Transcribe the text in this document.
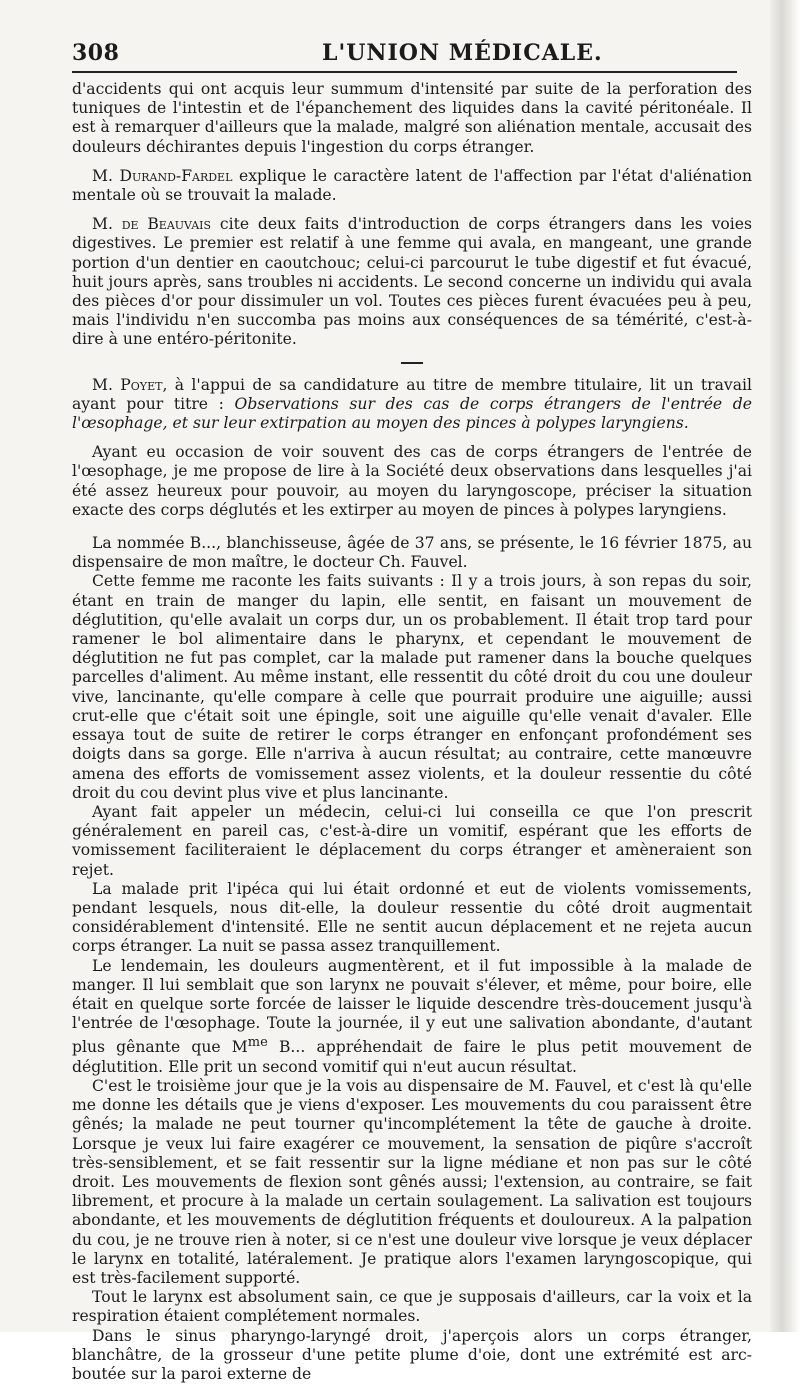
308	L'UNION MÉDICALE.

d'accidents qui ont acquis leur summum d'intensité par suite de la perforation des tuniques de l'intestin et de l'épanchement des liquides dans la cavité péritonéale. Il est à remarquer d'ailleurs que la malade, malgré son aliénation mentale, accusait des douleurs déchirantes depuis l'ingestion du corps étranger.

M. Durand-Fardel explique le caractère latent de l'affection par l'état d'aliénation mentale où se trouvait la malade.

M. de Beauvais cite deux faits d'introduction de corps étrangers dans les voies digestives. Le premier est relatif à une femme qui avala, en mangeant, une grande portion d'un dentier en caoutchouc; celui-ci parcourut le tube digestif et fut évacué, huit jours après, sans troubles ni accidents. Le second concerne un individu qui avala des pièces d'or pour dissimuler un vol. Toutes ces pièces furent évacuées peu à peu, mais l'individu n'en succomba pas moins aux conséquences de sa témérité, c'est-à-dire à une entéro-péritonite.

M. Poyet, à l'appui de sa candidature au titre de membre titulaire, lit un travail ayant pour titre : Observations sur des cas de corps étrangers de l'entrée de l'œsophage, et sur leur extirpation au moyen des pinces à polypes laryngiens.

Ayant eu occasion de voir souvent des cas de corps étrangers de l'entrée de l'œsophage, je me propose de lire à la Société deux observations dans lesquelles j'ai été assez heureux pour pouvoir, au moyen du laryngoscope, préciser la situation exacte des corps déglutés et les extirper au moyen de pinces à polypes laryngiens.

La nommée B..., blanchisseuse, âgée de 37 ans, se présente, le 16 février 1875, au dispensaire de mon maître, le docteur Ch. Fauvel.

Cette femme me raconte les faits suivants : Il y a trois jours, à son repas du soir, étant en train de manger du lapin, elle sentit, en faisant un mouvement de déglutition, qu'elle avalait un corps dur, un os probablement. Il était trop tard pour ramener le bol alimentaire dans le pharynx, et cependant le mouvement de déglutition ne fut pas complet, car la malade put ramener dans la bouche quelques parcelles d'aliment. Au même instant, elle ressentit du côté droit du cou une douleur vive, lancinante, qu'elle compare à celle que pourrait produire une aiguille; aussi crut-elle que c'était soit une épingle, soit une aiguille qu'elle venait d'avaler. Elle essaya tout de suite de retirer le corps étranger en enfonçant profondément ses doigts dans sa gorge. Elle n'arriva à aucun résultat; au contraire, cette manœuvre amena des efforts de vomissement assez violents, et la douleur ressentie du côté droit du cou devint plus vive et plus lancinante.

Ayant fait appeler un médecin, celui-ci lui conseilla ce que l'on prescrit généralement en pareil cas, c'est-à-dire un vomitif, espérant que les efforts de vomissement faciliteraient le déplacement du corps étranger et amèneraient son rejet.

La malade prit l'ipéca qui lui était ordonné et eut de violents vomissements, pendant lesquels, nous dit-elle, la douleur ressentie du côté droit augmentait considérablement d'intensité. Elle ne sentit aucun déplacement et ne rejeta aucun corps étranger. La nuit se passa assez tranquillement.

Le lendemain, les douleurs augmentèrent, et il fut impossible à la malade de manger. Il lui semblait que son larynx ne pouvait s'élever, et même, pour boire, elle était en quelque sorte forcée de laisser le liquide descendre très-doucement jusqu'à l'entrée de l'œsophage. Toute la journée, il y eut une salivation abondante, d'autant plus gênante que $M^{me}$ B... appréhendait de faire le plus petit mouvement de déglutition. Elle prit un second vomitif qui n'eut aucun résultat.

C'est le troisième jour que je la vois au dispensaire de M. Fauvel, et c'est là qu'elle me donne les détails que je viens d'exposer. Les mouvements du cou paraissent être gênés; la malade ne peut tourner qu'incomplétement la tête de gauche à droite. Lorsque je veux lui faire exagérer ce mouvement, la sensation de piqûre s'accroît très-sensiblement, et se fait ressentir sur la ligne médiane et non pas sur le côté droit. Les mouvements de flexion sont gênés aussi; l'extension, au contraire, se fait librement, et procure à la malade un certain soulagement. La salivation est toujours abondante, et les mouvements de déglutition fréquents et douloureux. A la palpation du cou, je ne trouve rien à noter, si ce n'est une douleur vive lorsque je veux déplacer le larynx en totalité, latéralement. Je pratique alors l'examen laryngoscopique, qui est très-facilement supporté.

Tout le larynx est absolument sain, ce que je supposais d'ailleurs, car la voix et la respiration étaient complétement normales.

Dans le sinus pharyngo-laryngé droit, j'aperçois alors un corps étranger, blanchâtre, de la grosseur d'une petite plume d'oie, dont une extrémité est arc-boutée sur la paroi externe de
